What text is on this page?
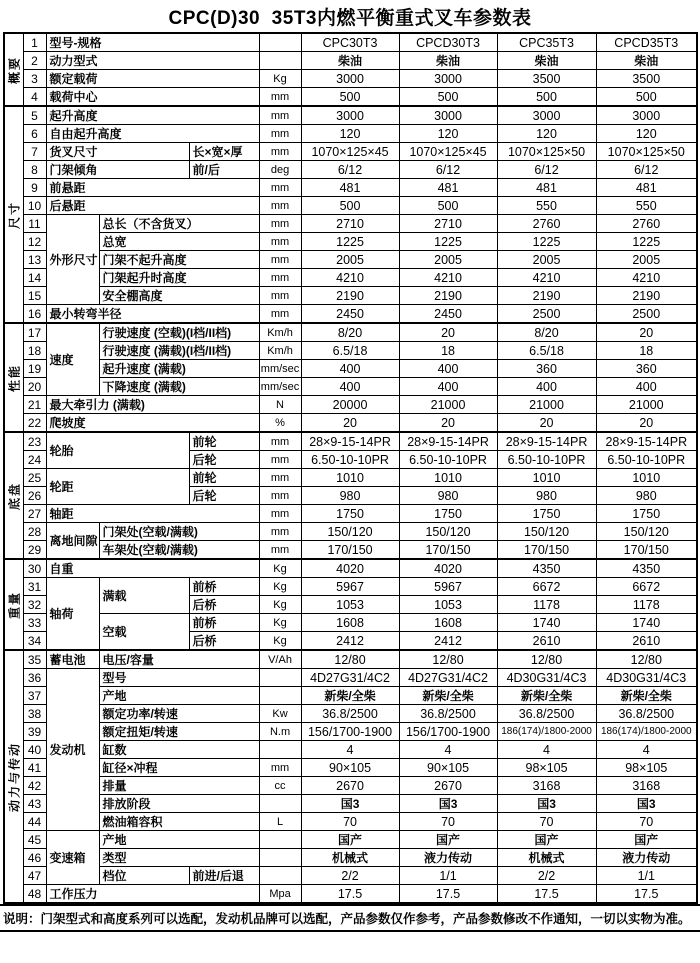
CPC(D)30  35T3内燃平衡重式叉车参数表
概要	1	型号-规格				CPC30T3	CPCD30T3	CPC35T3	CPCD35T3
	2	动力型式				柴油	柴油	柴油	柴油
	3	额定载荷			Kg	3000	3000	3500	3500
	4	载荷中心			mm	500	500	500	500

尺寸	5	起升高度			mm	3000	3000	3000	3000
	6	自由起升高度			mm	120	120	120	120
	7	货叉尺寸		长×宽×厚	mm	1070×125×45	1070×125×45	1070×125×50	1070×125×50
	8	门架倾角		前/后	deg	6/12	6/12	6/12	6/12
	9	前悬距			mm	481	481	481	481
	10	后悬距			mm	500	500	550	550
	11	外形尺寸	总长（不含货叉）		mm	2710	2710	2760	2760
	12		总宽		mm	1225	1225	1225	1225
	13		门架不起升高度		mm	2005	2005	2005	2005
	14		门架起升时高度		mm	4210	4210	4210	4210
	15		安全棚高度		mm	2190	2190	2190	2190
	16	最小转弯半径			mm	2450	2450	2500	2500

性能	17	速度	行驶速度 (空载)(I档/II档)		Km/h	8/20	20	8/20	20
	18		行驶速度 (满载)(I档/II档)		Km/h	6.5/18	18	6.5/18	18
	19		起升速度 (满载)		mm/sec	400	400	360	360
	20		下降速度 (满载)		mm/sec	400	400	400	400
	21	最大牵引力 (满载)			N	20000	21000	21000	21000
	22	爬坡度			%	20	20	20	20

底盘	23	轮胎		前轮	mm	28×9-15-14PR	28×9-15-14PR	28×9-15-14PR	28×9-15-14PR
	24			后轮	mm	6.50-10-10PR	6.50-10-10PR	6.50-10-10PR	6.50-10-10PR
	25	轮距		前轮	mm	1010	1010	1010	1010
	26			后轮	mm	980	980	980	980
	27	轴距			mm	1750	1750	1750	1750
	28	离地间隙	门架处(空载/满载)		mm	150/120	150/120	150/120	150/120
	29		车架处(空载/满载)		mm	170/150	170/150	170/150	170/150

重量	30	自重			Kg	4020	4020	4350	4350
	31	轴荷	满载	前桥	Kg	5967	5967	6672	6672
	32			后桥	Kg	1053	1053	1178	1178
	33		空载	前桥	Kg	1608	1608	1740	1740
	34			后桥	Kg	2412	2412	2610	2610

动力与传动	35	蓄电池	电压/容量		V/Ah	12/80	12/80	12/80	12/80
	36	发动机	型号			4D27G31/4C2	4D27G31/4C2	4D30G31/4C3	4D30G31/4C3
	37		产地			新柴/全柴	新柴/全柴	新柴/全柴	新柴/全柴
	38		额定功率/转速		Kw	36.8/2500	36.8/2500	36.8/2500	36.8/2500
	39		额定扭矩/转速		N.m	156/1700-1900	156/1700-1900	186(174)/1800-2000	186(174)/1800-2000
	40		缸数			4	4	4	4
	41		缸径×冲程		mm	90×105	90×105	98×105	98×105
	42		排量		cc	2670	2670	3168	3168
	43		排放阶段			国3	国3	国3	国3
	44		燃油箱容积		L	70	70	70	70
	45	变速箱	产地			国产	国产	国产	国产
	46		类型			机械式	液力传动	机械式	液力传动
	47		档位	前进/后退		2/2	1/1	2/2	1/1
	48	工作压力			Mpa	17.5	17.5	17.5	17.5
说明：门架型式和高度系列可以选配，发动机品牌可以选配，产品参数仅作参考，产品参数修改不作通知，一切以实物为准。
